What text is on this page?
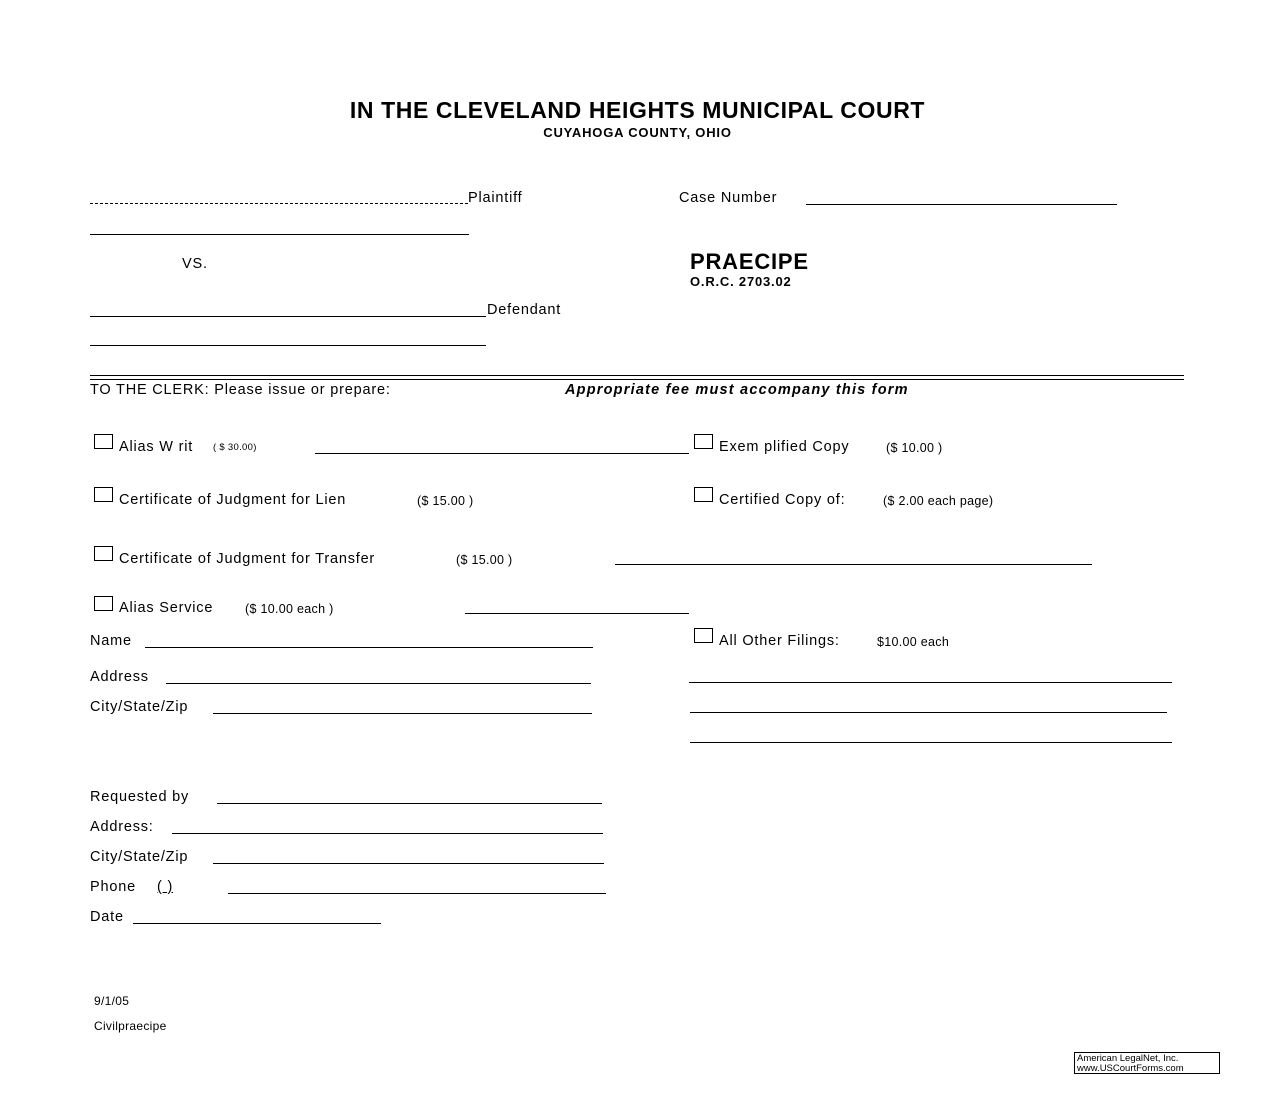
IN THE CLEVELAND HEIGHTS MUNICIPAL COURT
CUYAHOGA COUNTY, OHIO
Plaintiff
VS.
Defendant
Case Number
PRAECIPE
O.R.C. 2703.02
TO THE CLERK: Please issue or prepare:	Appropriate fee must accompany this form
Alias W rit ( $ 30.00)	Exem plified Copy	($ 10.00 )
Certificate of Judgment for Lien	($ 15.00 )	Certified Copy of:	($ 2.00 each page)
Certificate of Judgment for Transfer	($ 15.00 )
Alias Service	($ 10.00 each )
Name
Address
City/State/Zip
All Other Filings:	$10.00 each
Requested by
Address:
City/State/Zip
Phone ( )
Date
9/1/05
Civilpraecipe
American LegalNet, Inc.
www.USCourtForms.com
